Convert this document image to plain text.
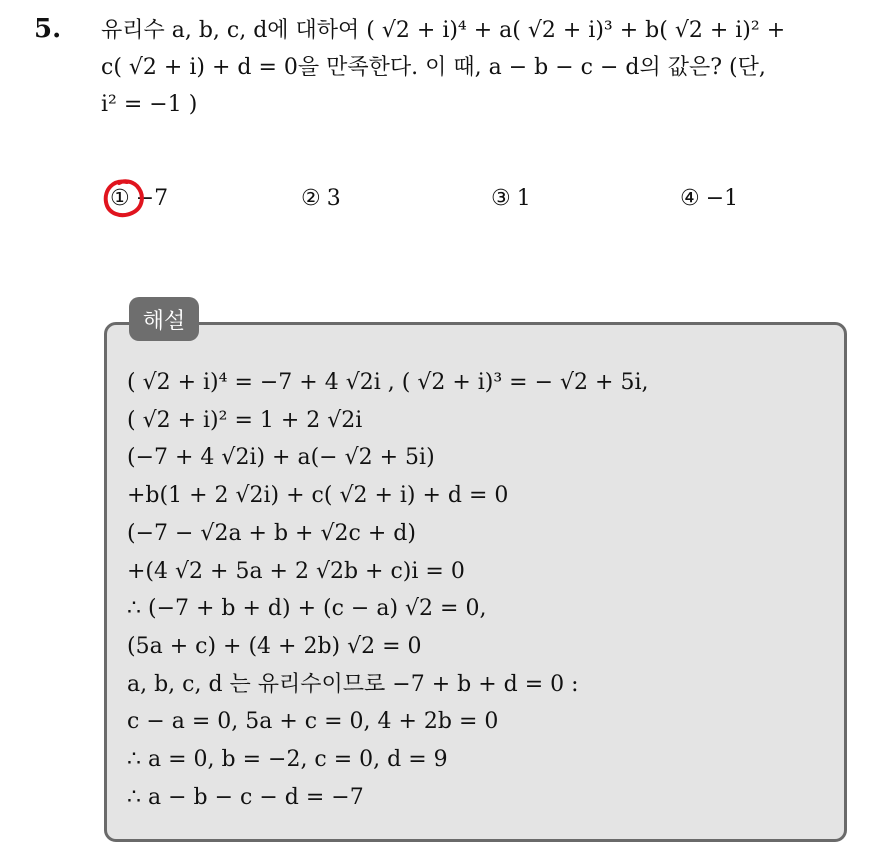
5. 유리수 a, b, c, d에 대하여 ( √2 + i)⁴ + a( √2 + i)³ + b( √2 + i)² +
c( √2 + i) + d = 0을 만족한다. 이 때, a − b − c − d의 값은? (단,
i² = −1 )
① −7	② 3	③ 1	④ −1
해설
( √2 + i)⁴ = −7 + 4 √2i , ( √2 + i)³ = − √2 + 5i,
( √2 + i)² = 1 + 2 √2i
(−7 + 4 √2i) + a(− √2 + 5i)
+b(1 + 2 √2i) + c( √2 + i) + d = 0
(−7 − √2a + b + √2c + d)
+(4 √2 + 5a + 2 √2b + c)i = 0
∴ (−7 + b + d) + (c − a) √2 = 0,
(5a + c) + (4 + 2b) √2 = 0
a, b, c, d 는 유리수이므로 −7 + b + d = 0 :
c − a = 0, 5a + c = 0, 4 + 2b = 0
∴ a = 0, b = −2, c = 0, d = 9
∴ a − b − c − d = −7
